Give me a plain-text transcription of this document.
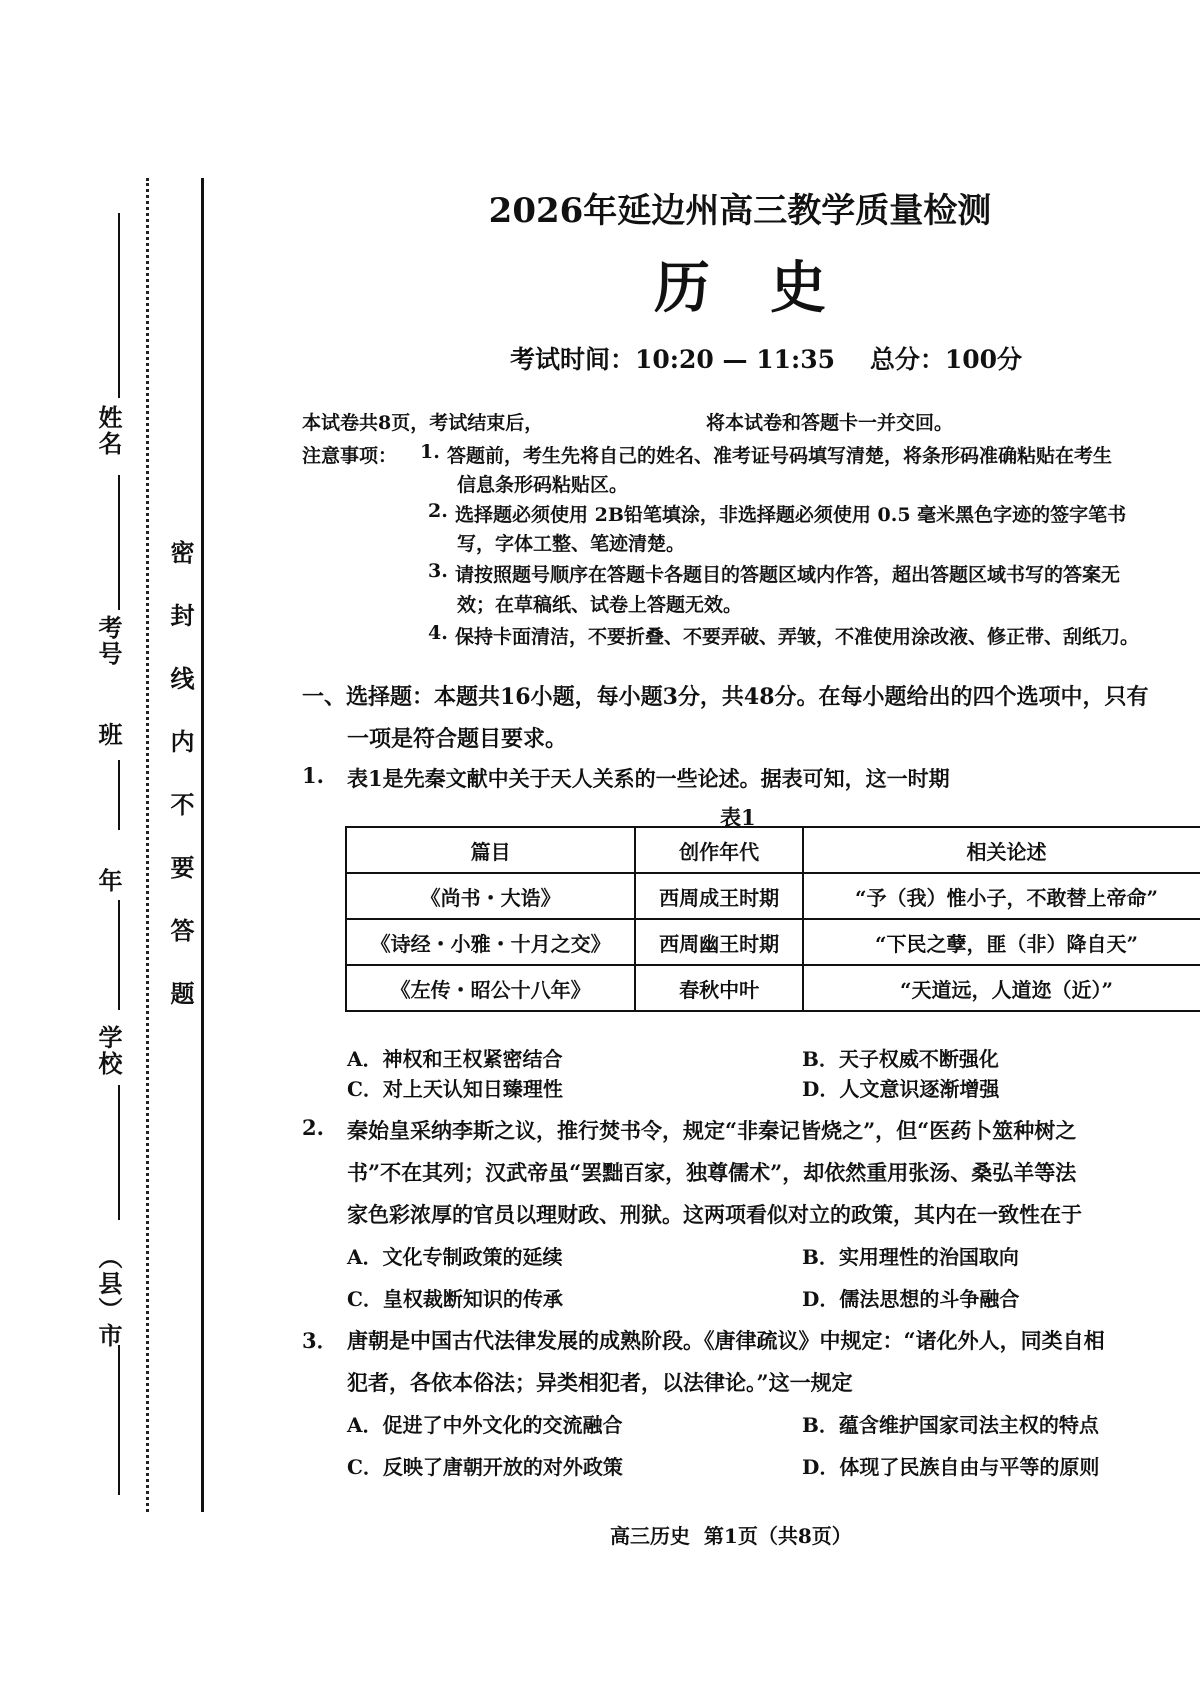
姓名
考号
班
年
学校
（县）市
密封线内不要答题
2026年延边州高三教学质量检测
历史
考试时间：10:20 — 11:35    总分：100分
本试卷共8页，考试结束后，	将本试卷和答题卡一并交回。
注意事项： 1. 答题前，考生先将自己的姓名、准考证号码填写清楚，将条形码准确粘贴在考生
信息条形码粘贴区。
2. 选择题必须使用 2B铅笔填涂，非选择题必须使用 0.5 毫米黑色字迹的签字笔书
写，字体工整、笔迹清楚。
3. 请按照题号顺序在答题卡各题目的答题区域内作答，超出答题区域书写的答案无
效；在草稿纸、试卷上答题无效。
4. 保持卡面清洁，不要折叠、不要弄破、弄皱，不准使用涂改液、修正带、刮纸刀。
一、选择题：本题共16小题，每小题3分，共48分。在每小题给出的四个选项中，只有
一项是符合题目要求。
1. 表1是先秦文献中关于天人关系的一些论述。据表可知，这一时期
表1
篇目	创作年代	相关论述
《尚书・大诰》	西周成王时期	“予（我）惟小子，不敢替上帝命”
《诗经・小雅・十月之交》	西周幽王时期	“下民之孽，匪（非）降自天”
《左传・昭公十八年》	春秋中叶	“天道远，人道迩（近）”
A．神权和王权紧密结合	B．天子权威不断强化
C．对上天认知日臻理性	D．人文意识逐渐增强
2. 秦始皇采纳李斯之议，推行焚书令，规定“非秦记皆烧之”，但“医药卜筮种树之
书”不在其列；汉武帝虽“罢黜百家，独尊儒术”，却依然重用张汤、桑弘羊等法
家色彩浓厚的官员以理财政、刑狱。这两项看似对立的政策，其内在一致性在于
A．文化专制政策的延续	B．实用理性的治国取向
C．皇权裁断知识的传承	D．儒法思想的斗争融合
3． 唐朝是中国古代法律发展的成熟阶段。《唐律疏议》中规定：“诸化外人，同类自相
犯者，各依本俗法；异类相犯者，以法律论。”这一规定
A．促进了中外文化的交流融合	B．蕴含维护国家司法主权的特点
C．反映了唐朝开放的对外政策	D．体现了民族自由与平等的原则
高三历史  第1页（共8页）
